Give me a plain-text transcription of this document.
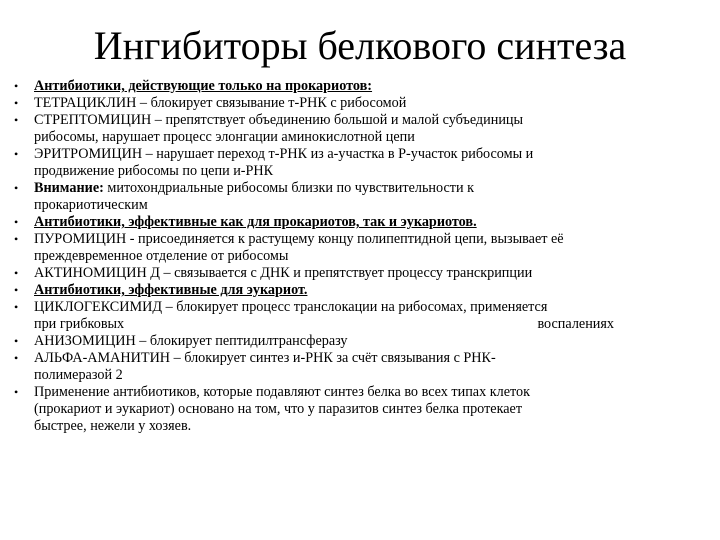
Ингибиторы белкового синтеза
•	Антибиотики, действующие только на прокариотов:
•	ТЕТРАЦИКЛИН – блокирует связывание т-РНК с рибосомой
•	СТРЕПТОМИЦИН – препятствует объединению большой и малой субъединицы
рибосомы, нарушает процесс элонгации аминокислотной цепи
•	ЭРИТРОМИЦИН – нарушает переход т-РНК из а-участка в Р-участок рибосомы и
продвижение рибосомы по цепи и-РНК
•	Внимание: митохондриальные рибосомы близки по чувствительности к
прокариотическим
•	Антибиотики, эффективные как для прокариотов, так и эукариотов.
•	ПУРОМИЦИН - присоединяется к растущему концу полипептидной цепи, вызывает её
преждевременное отделение от рибосомы
•	АКТИНОМИЦИН Д – связывается с ДНК и препятствует процессу транскрипции
•	Антибиотики, эффективные для эукариот.
•	ЦИКЛОГЕКСИМИД – блокирует процесс транслокации на рибосомах, применяется
при грибковых	воспалениях
•	АНИЗОМИЦИН – блокирует пептидилтрансферазу
•	АЛЬФА-АМАНИТИН – блокирует синтез и-РНК за счёт связывания с РНК-
полимеразой 2
•	Применение антибиотиков, которые подавляют синтез белка во всех типах клеток
(прокариот и эукариот) основано на том, что у паразитов синтез белка протекает
быстрее, нежели у хозяев.
